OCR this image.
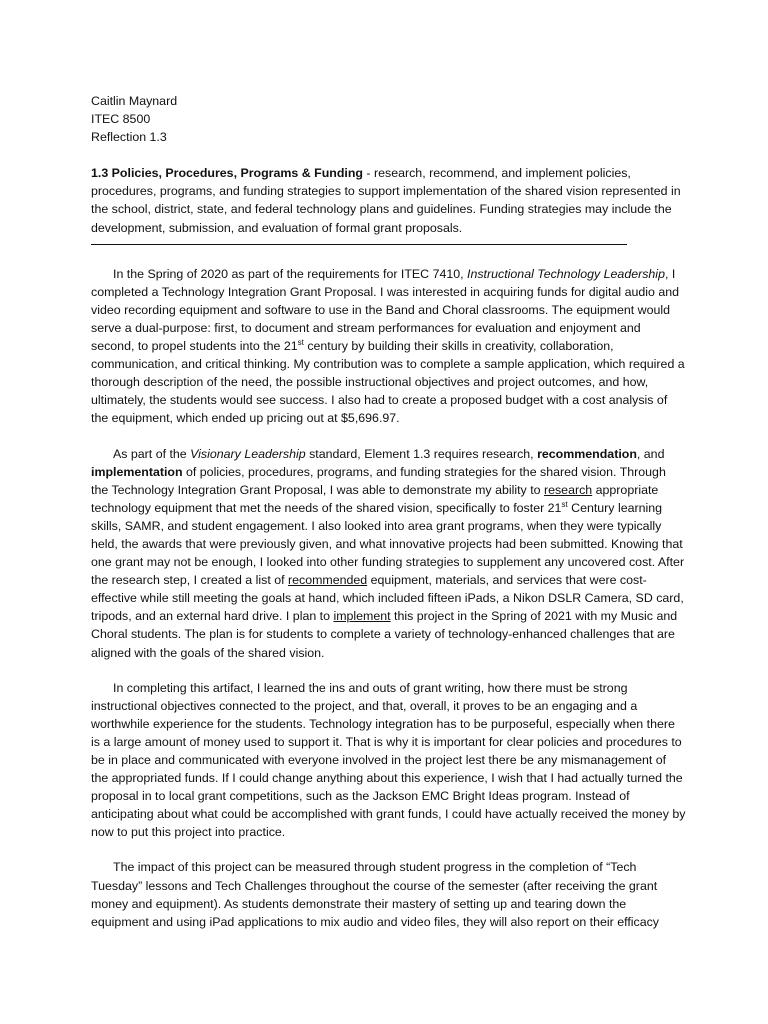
Caitlin Maynard
ITEC 8500
Reflection 1.3
1.3 Policies, Procedures, Programs & Funding - research, recommend, and implement policies, procedures, programs, and funding strategies to support implementation of the shared vision represented in the school, district, state, and federal technology plans and guidelines. Funding strategies may include the development, submission, and evaluation of formal grant proposals.

In the Spring of 2020 as part of the requirements for ITEC 7410, Instructional Technology Leadership, I completed a Technology Integration Grant Proposal. I was interested in acquiring funds for digital audio and video recording equipment and software to use in the Band and Choral classrooms. The equipment would serve a dual-purpose: first, to document and stream performances for evaluation and enjoyment and second, to propel students into the 21st century by building their skills in creativity, collaboration, communication, and critical thinking. My contribution was to complete a sample application, which required a thorough description of the need, the possible instructional objectives and project outcomes, and how, ultimately, the students would see success. I also had to create a proposed budget with a cost analysis of the equipment, which ended up pricing out at $5,696.97.

As part of the Visionary Leadership standard, Element 1.3 requires research, recommendation, and implementation of policies, procedures, programs, and funding strategies for the shared vision. Through the Technology Integration Grant Proposal, I was able to demonstrate my ability to research appropriate technology equipment that met the needs of the shared vision, specifically to foster 21st Century learning skills, SAMR, and student engagement. I also looked into area grant programs, when they were typically held, the awards that were previously given, and what innovative projects had been submitted. Knowing that one grant may not be enough, I looked into other funding strategies to supplement any uncovered cost. After the research step, I created a list of recommended equipment, materials, and services that were cost-effective while still meeting the goals at hand, which included fifteen iPads, a Nikon DSLR Camera, SD card, tripods, and an external hard drive. I plan to implement this project in the Spring of 2021 with my Music and Choral students. The plan is for students to complete a variety of technology-enhanced challenges that are aligned with the goals of the shared vision.

In completing this artifact, I learned the ins and outs of grant writing, how there must be strong instructional objectives connected to the project, and that, overall, it proves to be an engaging and a worthwhile experience for the students. Technology integration has to be purposeful, especially when there is a large amount of money used to support it. That is why it is important for clear policies and procedures to be in place and communicated with everyone involved in the project lest there be any mismanagement of the appropriated funds. If I could change anything about this experience, I wish that I had actually turned the proposal in to local grant competitions, such as the Jackson EMC Bright Ideas program. Instead of anticipating about what could be accomplished with grant funds, I could have actually received the money by now to put this project into practice.

The impact of this project can be measured through student progress in the completion of “Tech Tuesday” lessons and Tech Challenges throughout the course of the semester (after receiving the grant money and equipment). As students demonstrate their mastery of setting up and tearing down the equipment and using iPad applications to mix audio and video files, they will also report on their efficacy
